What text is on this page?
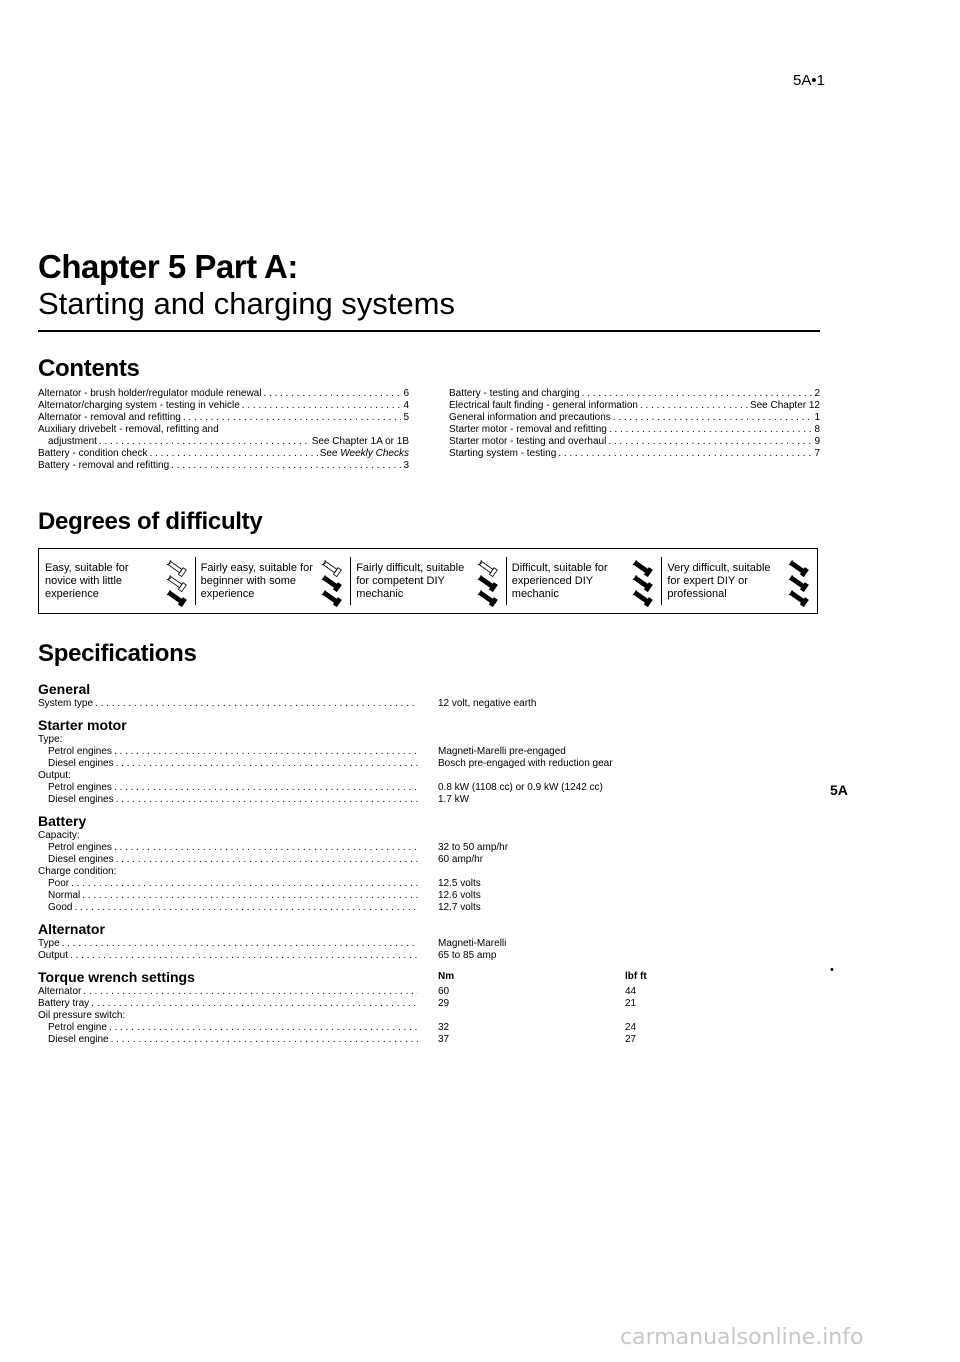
5A•1
Chapter 5 Part A:
Starting and charging systems
Contents
Alternator - brush holder/regulator module renewal . . .	6
Alternator/charging system - testing in vehicle . . .	4
Alternator - removal and refitting . . .	5
Auxiliary drivebelt - removal, refitting and
adjustment . . .	See Chapter 1A or 1B
Battery - condition check . . .	See Weekly Checks
Battery - removal and refitting . . .	3
Battery - testing and charging . . .	2
Electrical fault finding - general information . . .	See Chapter 12
General information and precautions . . .	1
Starter motor - removal and refitting . . .	8
Starter motor - testing and overhaul . . .	9
Starting system - testing . . .	7
Degrees of difficulty
Easy, suitable for novice with little experience
Fairly easy, suitable for beginner with some experience
Fairly difficult, suitable for competent DIY mechanic
Difficult, suitable for experienced DIY mechanic
Very difficult, suitable for expert DIY or professional
Specifications
General
System type . . .	12 volt, negative earth
Starter motor
Type:
Petrol engines . . .	Magneti-Marelli pre-engaged
Diesel engines . . .	Bosch pre-engaged with reduction gear
Output:
Petrol engines . . .	0.8 kW (1108 cc) or 0.9 kW (1242 cc)
Diesel engines . . .	1.7 kW
Battery
Capacity:
Petrol engines . . .	32 to 50 amp/hr
Diesel engines . . .	60 amp/hr
Charge condition:
Poor . . .	12.5 volts
Normal . . .	12.6 volts
Good . . .	12.7 volts
Alternator
Type . . .	Magneti-Marelli
Output . . .	65 to 85 amp
Torque wrench settings	Nm	lbf ft
Alternator . . .	60	44
Battery tray . . .	29	21
Oil pressure switch:
Petrol engine . . .	32	24
Diesel engine . . .	37	27
5A
•
carmanualsonline.info
